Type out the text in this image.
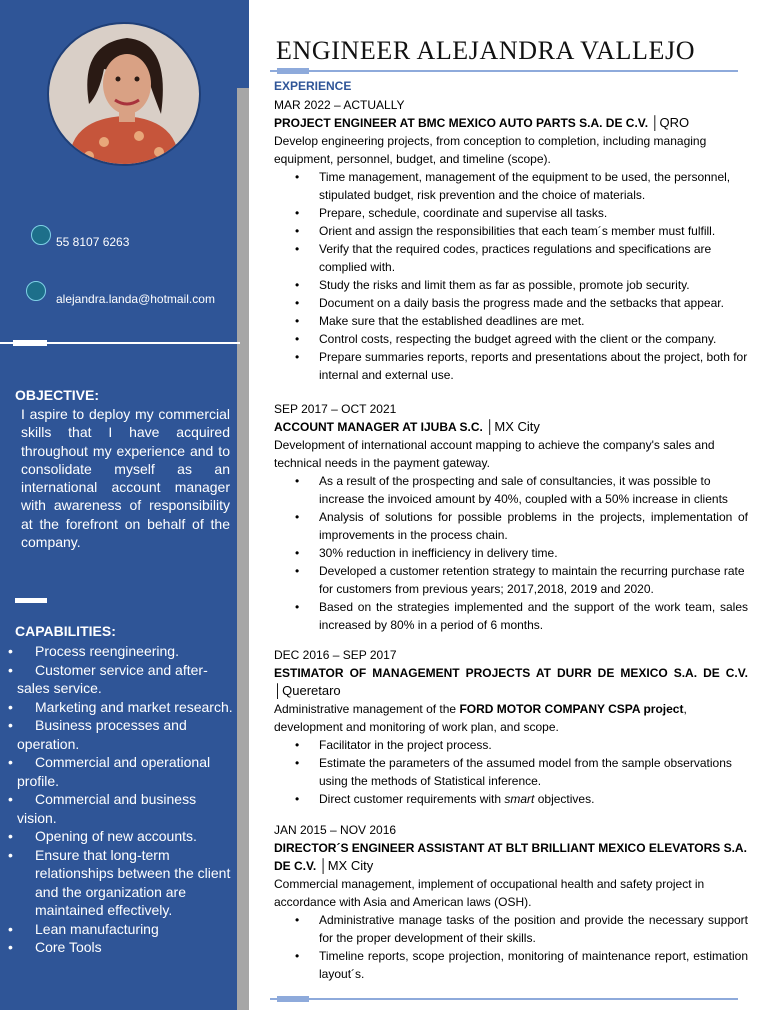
55 8107 6263
alejandra.landa@hotmail.com
OBJECTIVE:
I aspire to deploy my commercial skills that I have acquired throughout my experience and to consolidate myself as an international account manager with awareness of responsibility at the forefront on behalf of the company.
CAPABILITIES:
• Process reengineering.
• Customer service and after-sales service.
• Marketing and market research.
• Business processes and operation.
• Commercial and operational profile.
• Commercial and business vision.
• Opening of new accounts.
• Ensure that long-term relationships between the client and the organization are maintained effectively.
• Lean manufacturing
• Core Tools
ENGINEER ALEJANDRA VALLEJO
EXPERIENCE
MAR 2022 – ACTUALLY
PROJECT ENGINEER AT BMC MEXICO AUTO PARTS S.A. DE C.V. │QRO
Develop engineering projects, from conception to completion, including managing equipment, personnel, budget, and timeline (scope).
• Time management, management of the equipment to be used, the personnel, stipulated budget, risk prevention and the choice of materials.
• Prepare, schedule, coordinate and supervise all tasks.
• Orient and assign the responsibilities that each team´s member must fulfill.
• Verify that the required codes, practices regulations and specifications are complied with.
• Study the risks and limit them as far as possible, promote job security.
• Document on a daily basis the progress made and the setbacks that appear.
• Make sure that the established deadlines are met.
• Control costs, respecting the budget agreed with the client or the company.
• Prepare summaries reports, reports and presentations about the project, both for internal and external use.
SEP 2017 – OCT 2021
ACCOUNT MANAGER AT IJUBA S.C. │MX City
Development of international account mapping to achieve the company's sales and technical needs in the payment gateway.
• As a result of the prospecting and sale of consultancies, it was possible to increase the invoiced amount by 40%, coupled with a 50% increase in clients
• Analysis of solutions for possible problems in the projects, implementation of improvements in the process chain.
• 30% reduction in inefficiency in delivery time.
• Developed a customer retention strategy to maintain the recurring purchase rate for customers from previous years; 2017,2018, 2019 and 2020.
• Based on the strategies implemented and the support of the work team, sales increased by 80% in a period of 6 months.
DEC 2016 – SEP 2017
ESTIMATOR OF MANAGEMENT PROJECTS AT DURR DE MEXICO S.A. DE C.V. │Queretaro
Administrative management of the FORD MOTOR COMPANY CSPA project, development and monitoring of work plan, and scope.
• Facilitator in the project process.
• Estimate the parameters of the assumed model from the sample observations using the methods of Statistical inference.
• Direct customer requirements with smart objectives.
JAN 2015 – NOV 2016
DIRECTOR´S ENGINEER ASSISTANT AT BLT BRILLIANT MEXICO ELEVATORS S.A. DE C.V. │MX City
Commercial management, implement of occupational health and safety project in accordance with Asia and American laws (OSH).
• Administrative manage tasks of the position and provide the necessary support for the proper development of their skills.
• Timeline reports, scope projection, monitoring of maintenance report, estimation layout´s.
